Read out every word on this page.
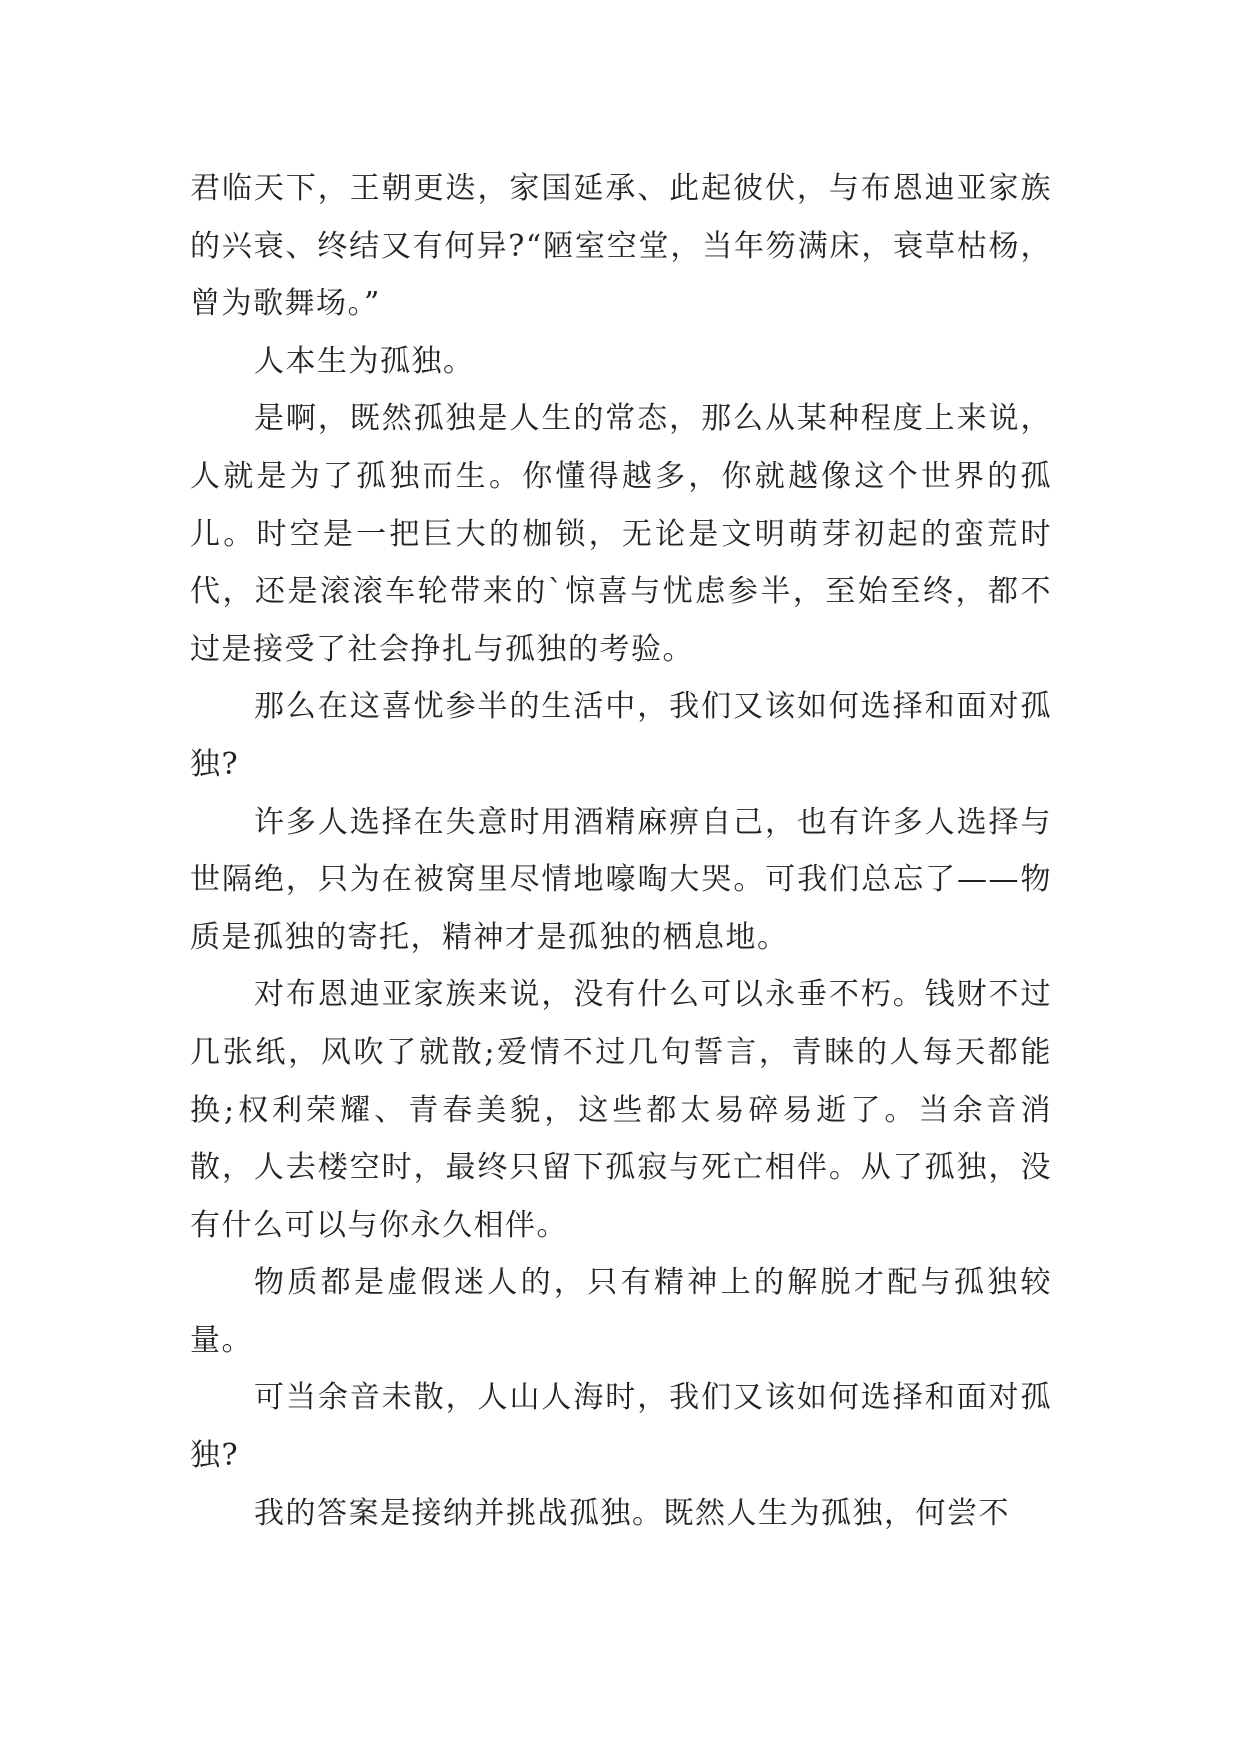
君临天下，王朝更迭，家国延承、此起彼伏，与布恩迪亚家族的兴衰、终结又有何异?“陋室空堂，当年笏满床，衰草枯杨，曾为歌舞场。”

人本生为孤独。

是啊，既然孤独是人生的常态，那么从某种程度上来说，人就是为了孤独而生。你懂得越多，你就越像这个世界的孤儿。时空是一把巨大的枷锁，无论是文明萌芽初起的蛮荒时代，还是滚滚车轮带来的`惊喜与忧虑参半，至始至终，都不过是接受了社会挣扎与孤独的考验。

那么在这喜忧参半的生活中，我们又该如何选择和面对孤独?

许多人选择在失意时用酒精麻痹自己，也有许多人选择与世隔绝，只为在被窝里尽情地嚎啕大哭。可我们总忘了——物质是孤独的寄托，精神才是孤独的栖息地。

对布恩迪亚家族来说，没有什么可以永垂不朽。钱财不过几张纸，风吹了就散;爱情不过几句誓言，青睐的人每天都能换;权利荣耀、青春美貌，这些都太易碎易逝了。当余音消散，人去楼空时，最终只留下孤寂与死亡相伴。从了孤独，没有什么可以与你永久相伴。

物质都是虚假迷人的，只有精神上的解脱才配与孤独较量。

可当余音未散，人山人海时，我们又该如何选择和面对孤独?

我的答案是接纳并挑战孤独。既然人生为孤独，何尝不
